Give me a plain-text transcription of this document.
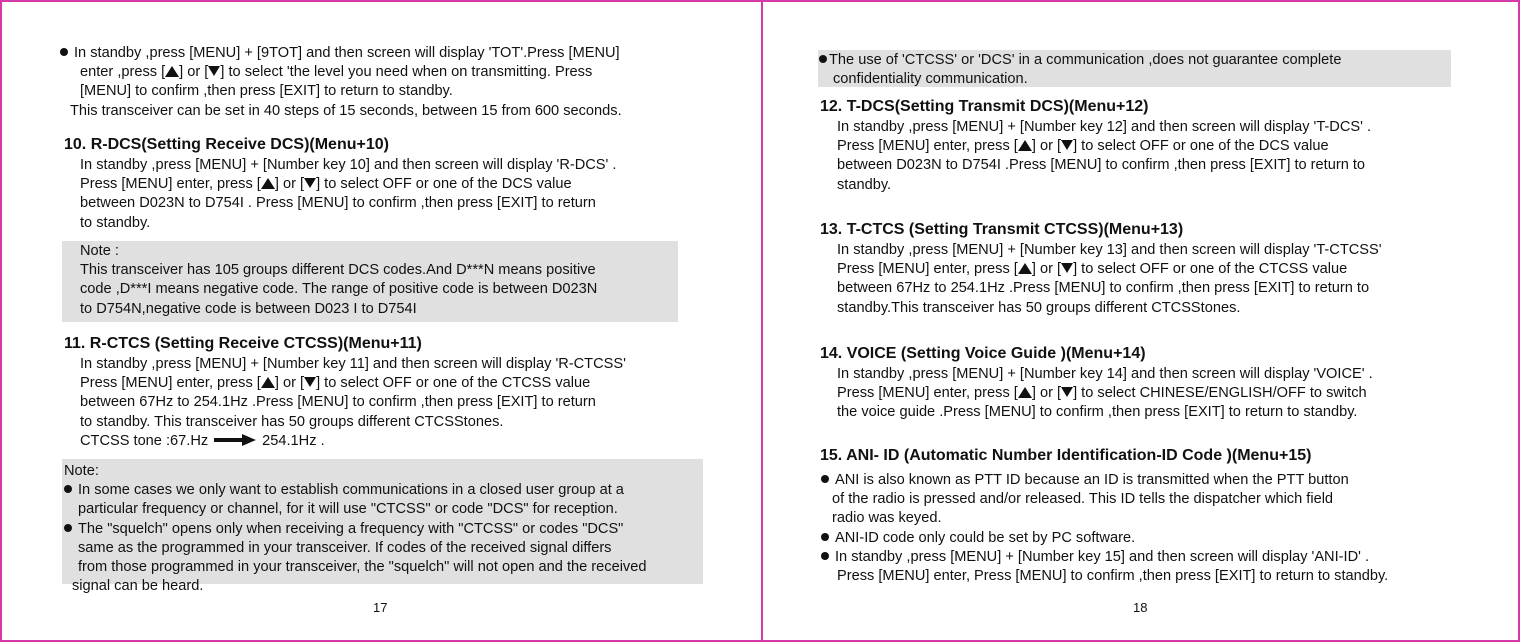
In standby ,press [MENU] + [9TOT] and then screen will display 'TOT'.Press [MENU]
enter ,press [ ] or [ ] to select 'the level you need when on transmitting. Press
[MENU] to confirm ,then press [EXIT] to return to standby.
This transceiver can be set in 40 steps of 15 seconds, between 15 from 600 seconds.
10. R-DCS(Setting Receive DCS)(Menu+10)
In standby ,press [MENU] + [Number key 10] and then screen will display 'R-DCS' .
Press [MENU] enter, press [ ] or [ ] to select OFF or one of the DCS value
between D023N to D754I . Press [MENU] to confirm ,then press [EXIT] to return
to standby.
Note :
This transceiver has 105 groups different DCS codes.And D***N means positive
code ,D***I means negative code. The range of positive code is between D023N
to D754N,negative code is between D023 I to D754I
11. R-CTCS (Setting Receive CTCSS)(Menu+11)
In standby ,press [MENU] + [Number key 11] and then screen will display 'R-CTCSS'
Press [MENU] enter, press [ ] or [ ] to select OFF or one of the CTCSS value
between 67Hz to 254.1Hz .Press [MENU] to confirm ,then press [EXIT] to return
to standby. This transceiver has 50 groups different CTCSStones.
CTCSS tone :67.Hz	254.1Hz .
Note:
In some cases we only want to establish communications in a closed user group at a
particular frequency or channel, for it will use "CTCSS" or code "DCS" for reception.
The "squelch" opens only when receiving a frequency with "CTCSS" or codes "DCS"
same as the programmed in your transceiver. If codes of the received signal differs
from those programmed in your transceiver, the "squelch" will not open and the received
signal can be heard.
17
The use of 'CTCSS' or 'DCS' in a communication ,does not guarantee complete
confidentiality communication.
12. T-DCS(Setting Transmit DCS)(Menu+12)
In standby ,press [MENU] + [Number key 12] and then screen will display 'T-DCS' .
Press [MENU] enter, press [ ] or [ ] to select OFF or one of the DCS value
between D023N to D754I .Press [MENU] to confirm ,then press [EXIT] to return to
standby.
13. T-CTCS (Setting Transmit CTCSS)(Menu+13)
In standby ,press [MENU] + [Number key 13] and then screen will display 'T-CTCSS'
Press [MENU] enter, press [ ] or [ ] to select OFF or one of the CTCSS value
between 67Hz to 254.1Hz .Press [MENU] to confirm ,then press [EXIT] to return to
standby.This transceiver has 50 groups different CTCSStones.
14. VOICE (Setting Voice Guide )(Menu+14)
In standby ,press [MENU] + [Number key 14] and then screen will display 'VOICE' .
Press [MENU] enter, press [ ] or [ ] to select CHINESE/ENGLISH/OFF to switch
the voice guide .Press [MENU] to confirm ,then press [EXIT] to return to standby.
15. ANI- ID (Automatic Number Identification-ID Code )(Menu+15)
ANI is also known as PTT ID because an ID is transmitted when the PTT button
of the radio is pressed and/or released. This ID tells the dispatcher which field
radio was keyed.
ANI-ID code only could be set by PC software.
In standby ,press [MENU] + [Number key 15] and then screen will display 'ANI-ID' .
Press [MENU] enter, Press [MENU] to confirm ,then press [EXIT] to return to standby.
18
